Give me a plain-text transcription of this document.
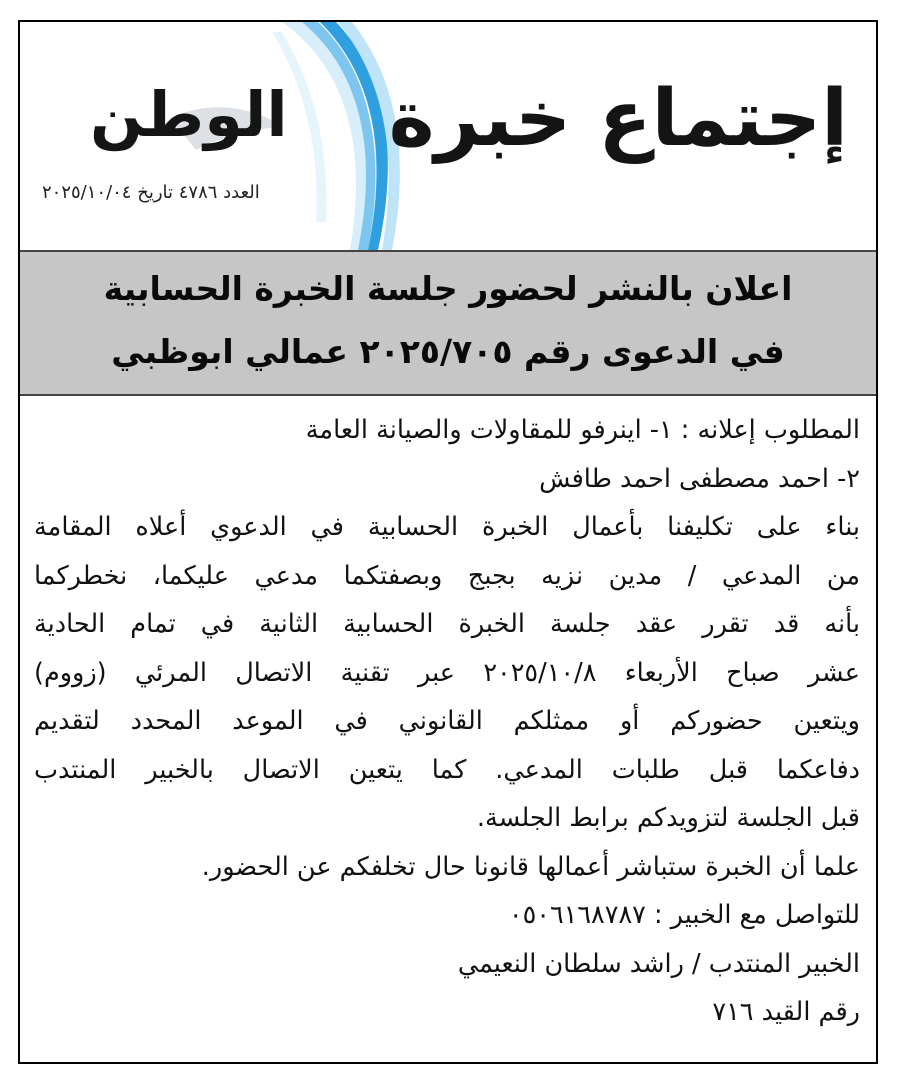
إجتماع خبرة
الوطن
العدد ٤٧٨٦ تاريخ ٢٠٢٥/١٠/٠٤
اعلان بالنشر لحضور جلسة الخبرة الحسابية
في الدعوى رقم ٢٠٢٥/٧٠٥ عمالي ابوظبي

المطلوب إعلانه : ١- اينرفو للمقاولات والصيانة العامة

٢- احمد مصطفى احمد طافش

بناء على تكليفنا بأعمال الخبرة الحسابية في الدعوي أعلاه المقامة

من المدعي / مدين نزيه بجبج وبصفتكما مدعي عليكما، نخطركما

بأنه قد تقرر عقد جلسة الخبرة الحسابية الثانية في تمام الحادية

عشر صباح الأربعاء ٢٠٢٥/١٠/٨ عبر تقنية الاتصال المرئي (زووم)

ويتعين حضوركم أو ممثلكم القانوني في الموعد المحدد لتقديم

دفاعكما قبل طلبات المدعي. كما يتعين الاتصال بالخبير المنتدب

قبل الجلسة لتزويدكم برابط الجلسة.

علما أن الخبرة ستباشر أعمالها قانونا حال تخلفكم عن الحضور.

للتواصل مع الخبير : ٠٥٠٦١٦٨٧٨٧

الخبير المنتدب / راشد سلطان النعيمي

رقم القيد ٧١٦
